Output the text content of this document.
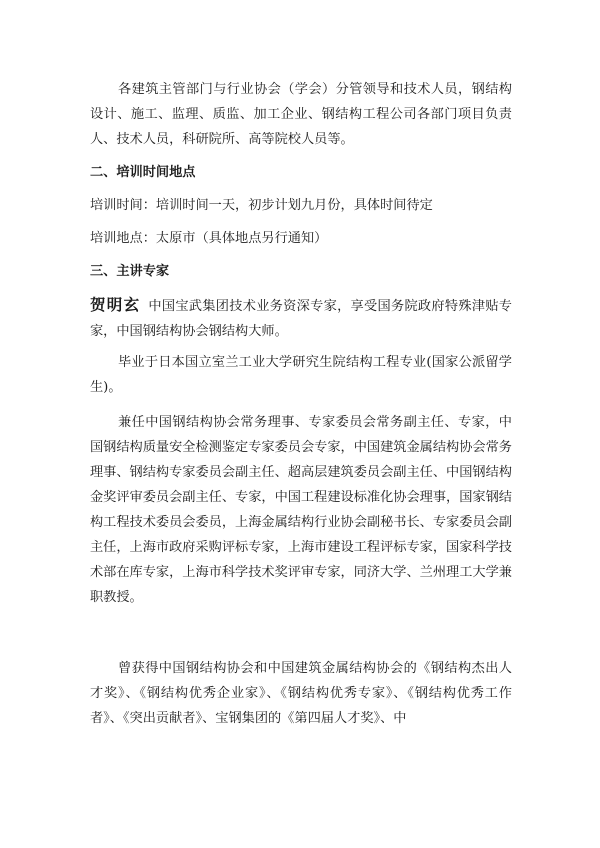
各建筑主管部门与行业协会（学会）分管领导和技术人员，钢结构设计、施工、监理、质监、加工企业、钢结构工程公司各部门项目负责人、技术人员，科研院所、高等院校人员等。

二、培训时间地点

培训时间：培训时间一天，初步计划九月份，具体时间待定

培训地点：太原市（具体地点另行通知）

三、主讲专家

贺明玄 中国宝武集团技术业务资深专家，享受国务院政府特殊津贴专家，中国钢结构协会钢结构大师。

毕业于日本国立室兰工业大学研究生院结构工程专业(国家公派留学生)。

兼任中国钢结构协会常务理事、专家委员会常务副主任、专家，中国钢结构质量安全检测鉴定专家委员会专家，中国建筑金属结构协会常务理事、钢结构专家委员会副主任、超高层建筑委员会副主任、中国钢结构金奖评审委员会副主任、专家，中国工程建设标准化协会理事，国家钢结构工程技术委员会委员，上海金属结构行业协会副秘书长、专家委员会副主任，上海市政府采购评标专家，上海市建设工程评标专家，国家科学技术部在库专家，上海市科学技术奖评审专家，同济大学、兰州理工大学兼职教授。

曾获得中国钢结构协会和中国建筑金属结构协会的《钢结构杰出人才奖》、《钢结构优秀企业家》、《钢结构优秀专家》、《钢结构优秀工作者》、《突出贡献者》、宝钢集团的《第四届人才奖》、中
